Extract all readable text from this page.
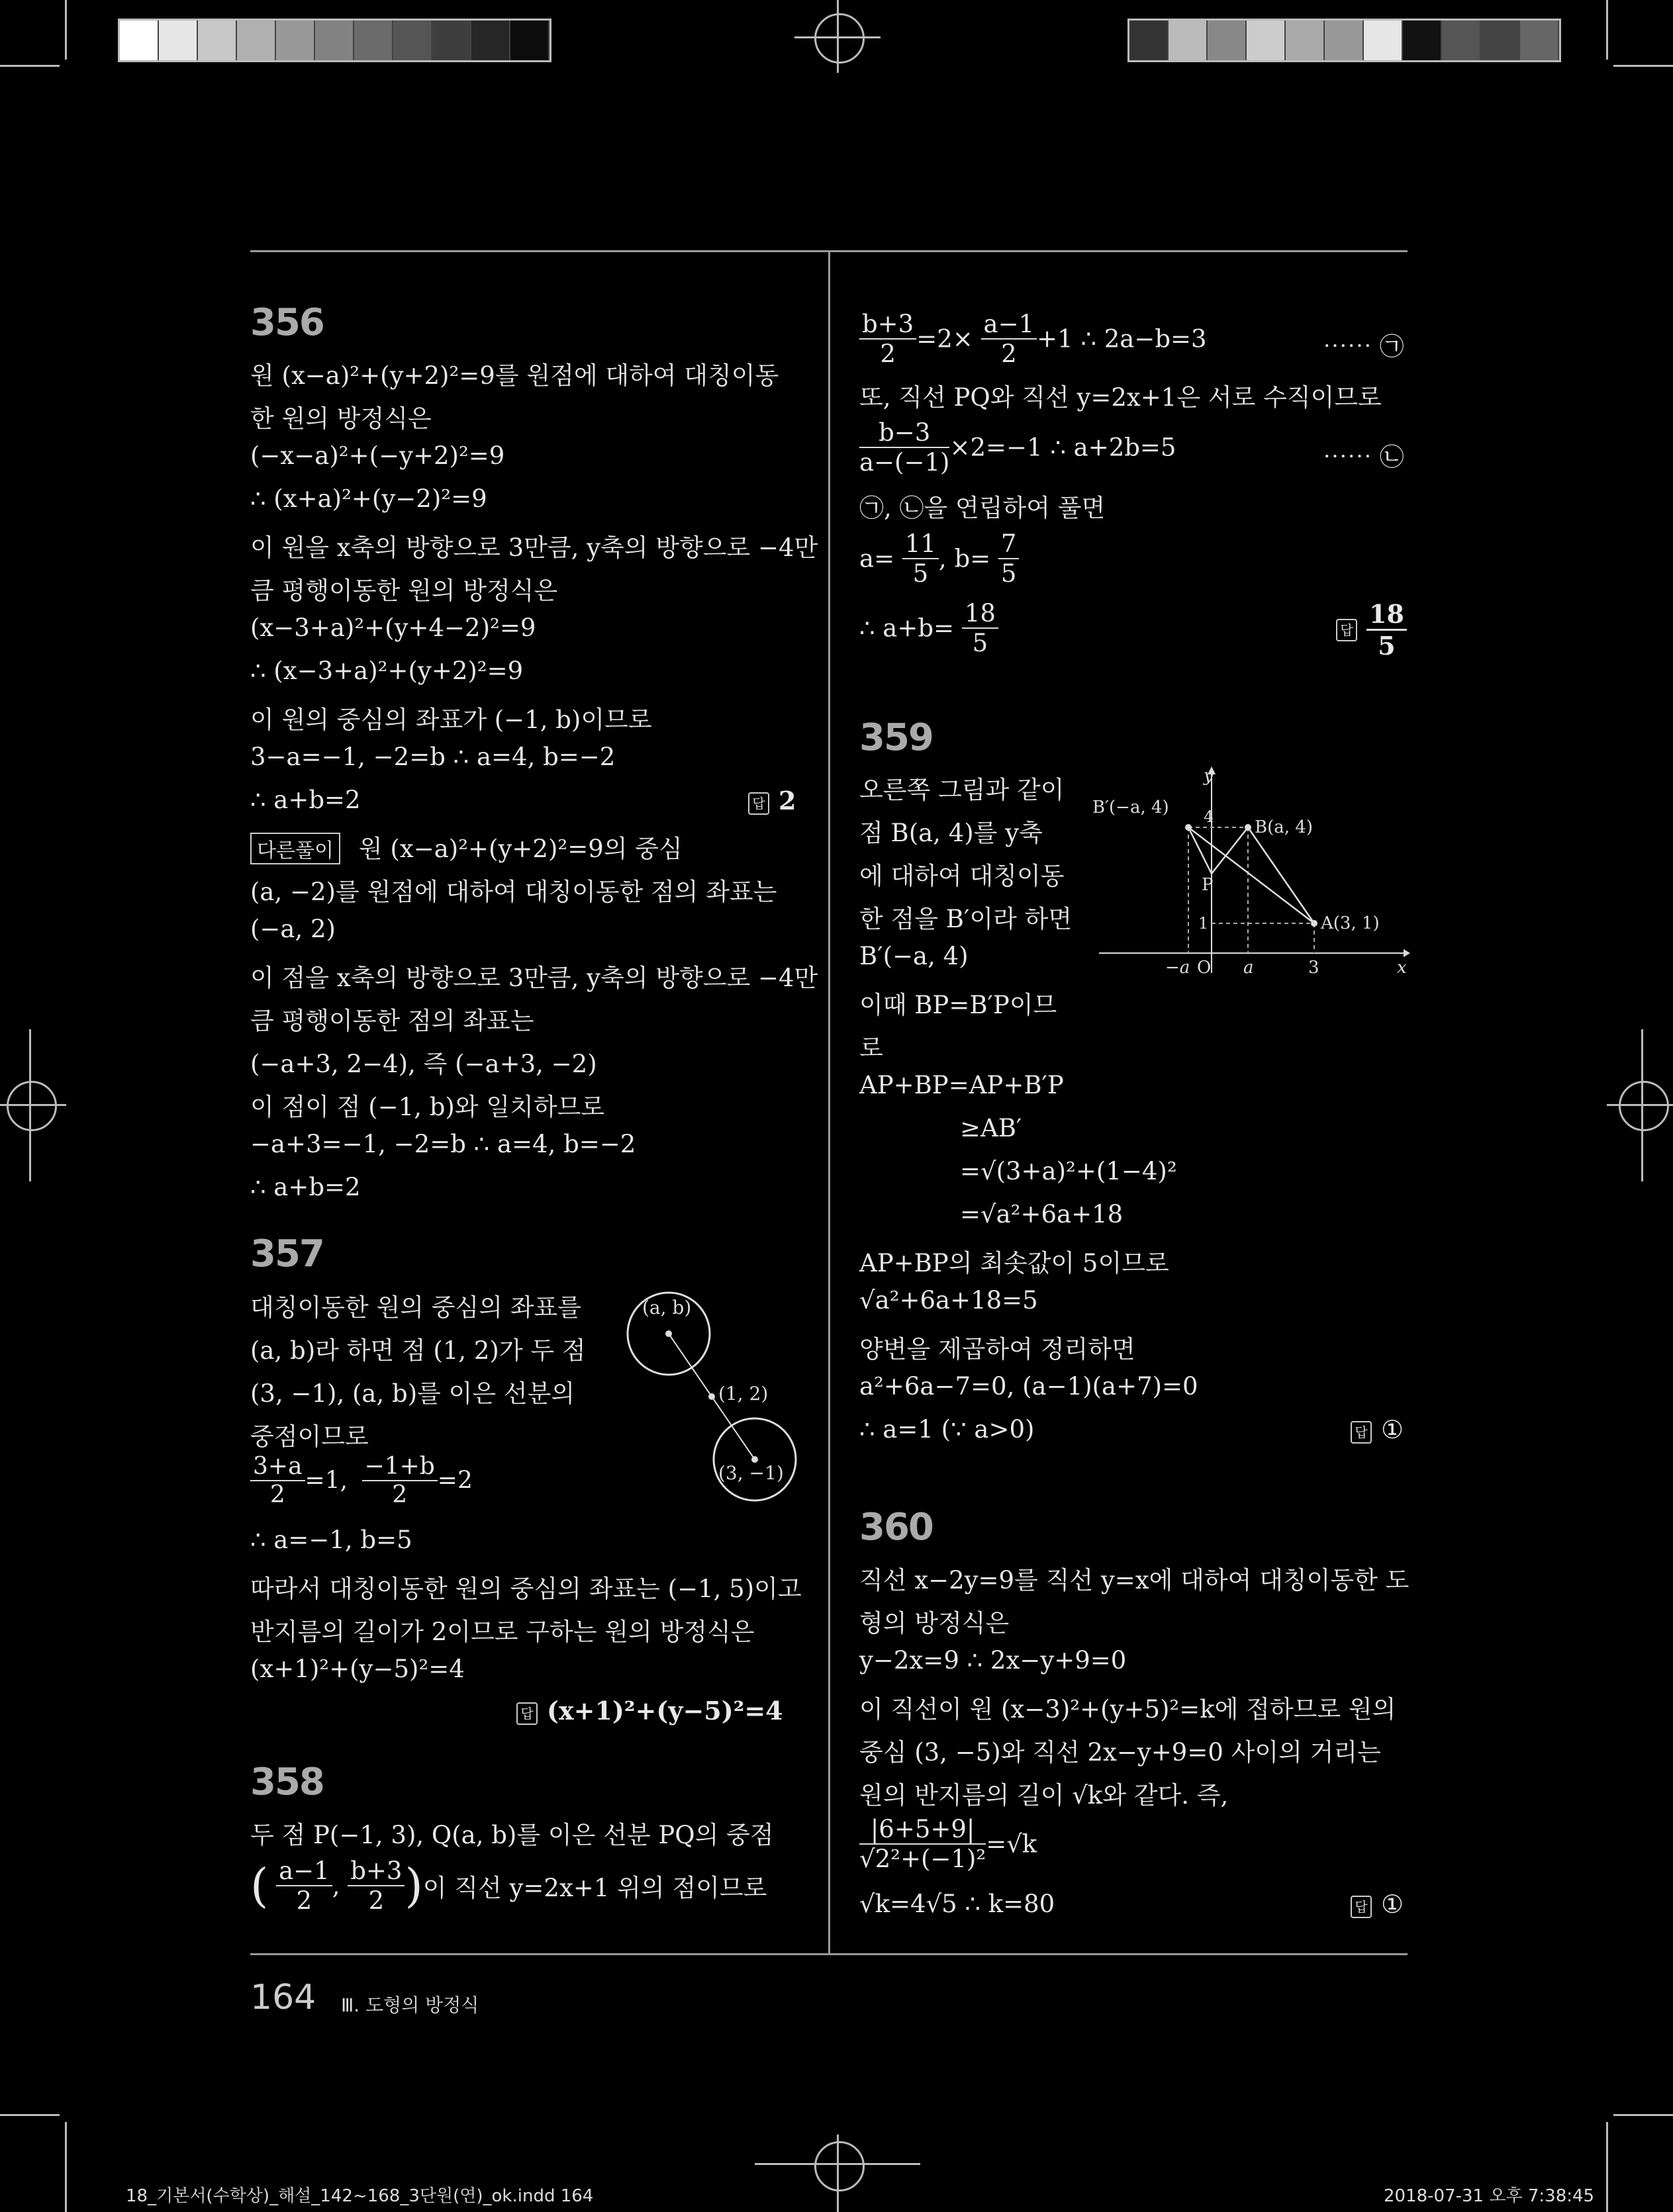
356
원 (x−a)²+(y+2)²=9를 원점에 대하여 대칭이동
한 원의 방정식은
(−x−a)²+(−y+2)²=9
∴ (x+a)²+(y−2)²=9
이 원을 x축의 방향으로 3만큼, y축의 방향으로 −4만
큼 평행이동한 원의 방정식은
(x−3+a)²+(y+4−2)²=9
∴ (x−3+a)²+(y+2)²=9
이 원의 중심의 좌표가 (−1, b)이므로
3−a=−1, −2=b ∴ a=4, b=−2
∴ a+b=2	답 2
다른풀이 원 (x−a)²+(y+2)²=9의 중심
(a, −2)를 원점에 대하여 대칭이동한 점의 좌표는
(−a, 2)
이 점을 x축의 방향으로 3만큼, y축의 방향으로 −4만
큼 평행이동한 점의 좌표는
(−a+3, 2−4), 즉 (−a+3, −2)
이 점이 점 (−1, b)와 일치하므로
−a+3=−1, −2=b ∴ a=4, b=−2
∴ a+b=2
357
대칭이동한 원의 중심의 좌표를
(a, b)라 하면 점 (1, 2)가 두 점
(3, −1), (a, b)를 이은 선분의
중점이므로
(a, b)
(1, 2)
(3, −1)
$\frac{3+a}{2} =1$, $\frac{-1+b}{2} =2$
∴ a=−1, b=5
따라서 대칭이동한 원의 중심의 좌표는 (−1, 5)이고
반지름의 길이가 2이므로 구하는 원의 방정식은
(x+1)²+(y−5)²=4
답 (x+1)²+(y−5)²=4
358
두 점 P(−1, 3), Q(a, b)를 이은 선분 PQ의 중점
( $\frac{a-1}{2}$ , $\frac{b+3}{2}$ )이 직선 y=2x+1 위의 점이므로
$\frac{b+3}{2} =2\times \frac{a-1}{2} +1$ ∴ 2a−b=3	⋯⋯ ㉠
또, 직선 PQ와 직선 y=2x+1은 서로 수직이므로
$\frac{b-3}{a-(-1)} \times 2=-1$ ∴ a+2b=5	⋯⋯ ㉡
㉠, ㉡을 연립하여 풀면
$a= \frac{11}{5}$ , $b= \frac{7}{5}$
∴ $a+b= \frac{18}{5}$	답 $\frac{18}{5}$
359
오른쪽 그림과 같이
점 B(a, 4)를 y축
에 대하여 대칭이동
한 점을 B′이라 하면
B′(−a, 4)
이때 BP=B′P이므
로
y
x
B′(−a, 4)
B(a, 4)
4
P
1	A(3, 1)
−a O a	3
AP+BP=AP+B′P
≥AB′
=√(3+a)²+(1−4)²
=√a²+6a+18
AP+BP의 최솟값이 5이므로
√a²+6a+18=5
양변을 제곱하여 정리하면
a²+6a−7=0, (a−1)(a+7)=0
∴ a=1 (∵ a>0)	답 ①
360
직선 x−2y=9를 직선 y=x에 대하여 대칭이동한 도
형의 방정식은
y−2x=9 ∴ 2x−y+9=0
이 직선이 원 (x−3)²+(y+5)²=k에 접하므로 원의
중심 (3, −5)와 직선 2x−y+9=0 사이의 거리는
원의 반지름의 길이 √k와 같다. 즉,
$\frac{|6+5+9|}{\text{√2²+(−1)²}} =√k$
√k=4√5 ∴ k=80	답 ①
164 Ⅲ. 도형의 방정식
18_기본서(수학상)_해설_142~168_3단원(연)_ok.indd 164	2018-07-31 오후 7:38:45
